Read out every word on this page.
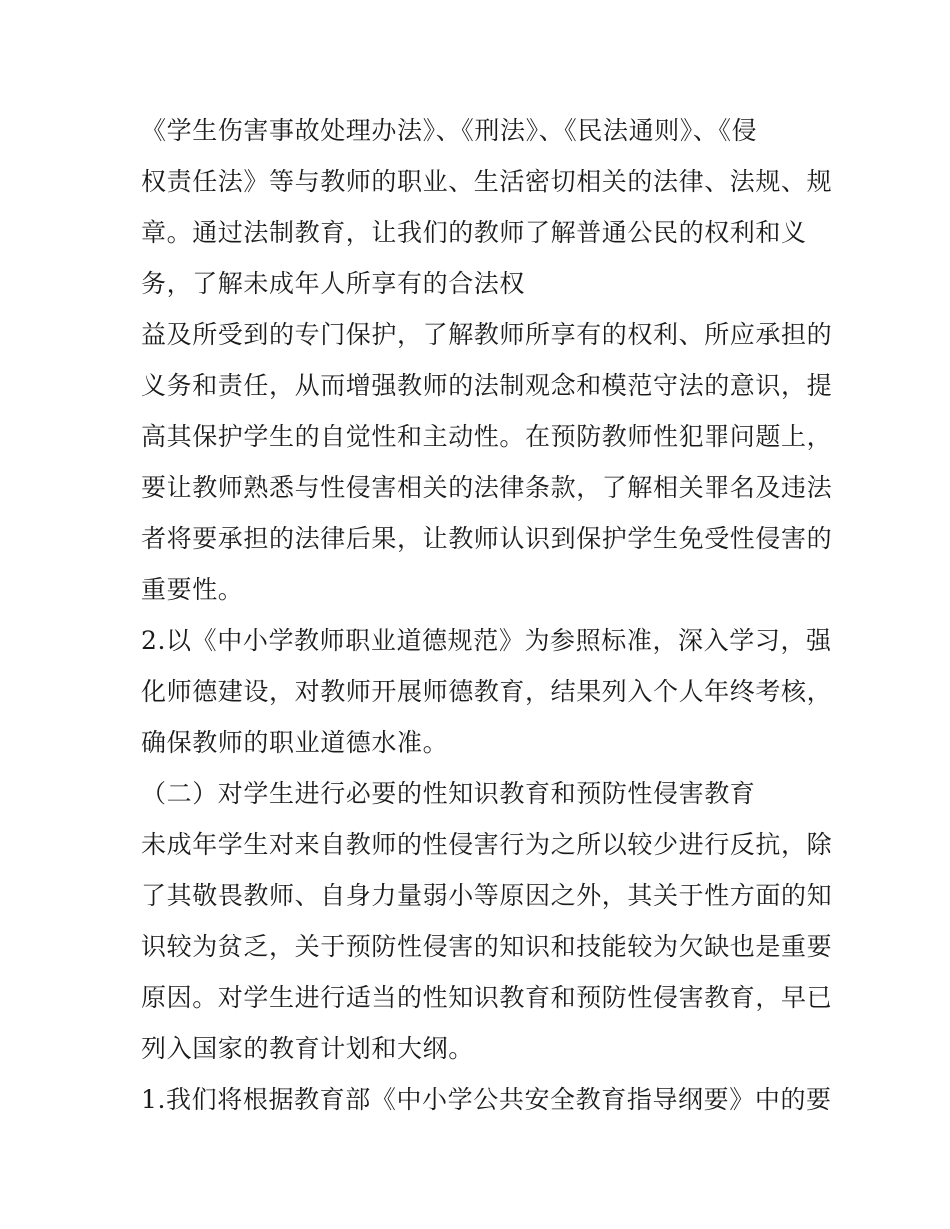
《学生伤害事故处理办法》、《刑法》、《民法通则》、《侵
权责任法》等与教师的职业、生活密切相关的法律、法规、规
章。通过法制教育，让我们的教师了解普通公民的权利和义
务，了解未成年人所享有的合法权
益及所受到的专门保护，了解教师所享有的权利、所应承担的
义务和责任，从而增强教师的法制观念和模范守法的意识，提
高其保护学生的自觉性和主动性。在预防教师性犯罪问题上，
要让教师熟悉与性侵害相关的法律条款，了解相关罪名及违法
者将要承担的法律后果，让教师认识到保护学生免受性侵害的
重要性。
2.以《中小学教师职业道德规范》为参照标准，深入学习，强
化师德建设，对教师开展师德教育，结果列入个人年终考核，
确保教师的职业道德水准。
（二）对学生进行必要的性知识教育和预防性侵害教育
未成年学生对来自教师的性侵害行为之所以较少进行反抗，除
了其敬畏教师、自身力量弱小等原因之外，其关于性方面的知
识较为贫乏，关于预防性侵害的知识和技能较为欠缺也是重要
原因。对学生进行适当的性知识教育和预防性侵害教育，早已
列入国家的教育计划和大纲。
1.我们将根据教育部《中小学公共安全教育指导纲要》中的要
